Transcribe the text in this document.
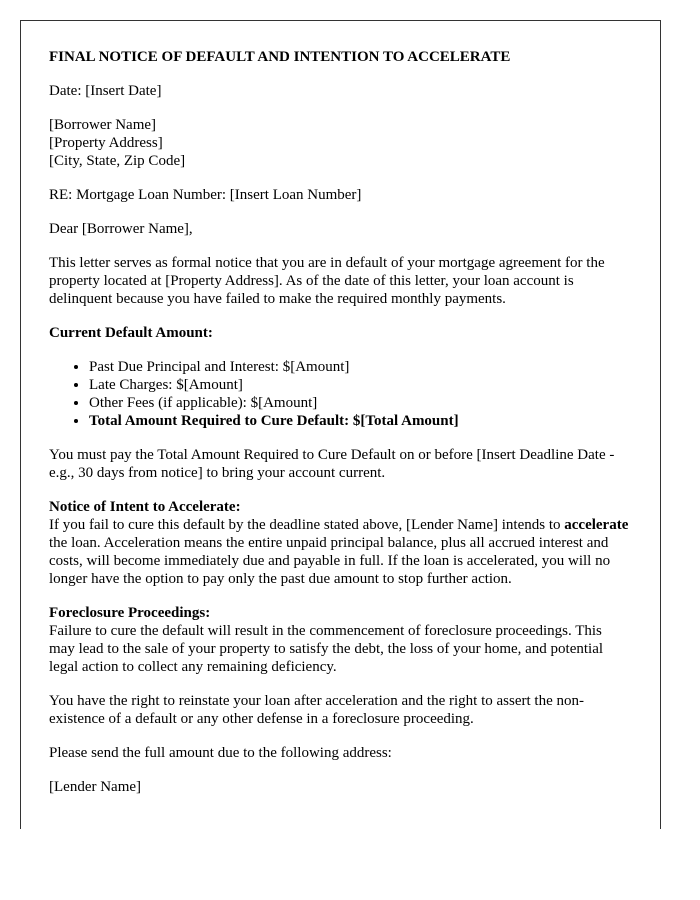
FINAL NOTICE OF DEFAULT AND INTENTION TO ACCELERATE

Date: [Insert Date]

[Borrower Name]
[Property Address]
[City, State, Zip Code]

RE: Mortgage Loan Number: [Insert Loan Number]

Dear [Borrower Name],

This letter serves as formal notice that you are in default of your mortgage agreement for the property located at [Property Address]. As of the date of this letter, your loan account is delinquent because you have failed to make the required monthly payments.

Current Default Amount:

• Past Due Principal and Interest: $[Amount]
• Late Charges: $[Amount]
• Other Fees (if applicable): $[Amount]
• Total Amount Required to Cure Default: $[Total Amount]

You must pay the Total Amount Required to Cure Default on or before [Insert Deadline Date - e.g., 30 days from notice] to bring your account current.

Notice of Intent to Accelerate:
If you fail to cure this default by the deadline stated above, [Lender Name] intends to accelerate the loan. Acceleration means the entire unpaid principal balance, plus all accrued interest and costs, will become immediately due and payable in full. If the loan is accelerated, you will no longer have the option to pay only the past due amount to stop further action.

Foreclosure Proceedings:
Failure to cure the default will result in the commencement of foreclosure proceedings. This may lead to the sale of your property to satisfy the debt, the loss of your home, and potential legal action to collect any remaining deficiency.

You have the right to reinstate your loan after acceleration and the right to assert the non-existence of a default or any other defense in a foreclosure proceeding.

Please send the full amount due to the following address:

[Lender Name]
